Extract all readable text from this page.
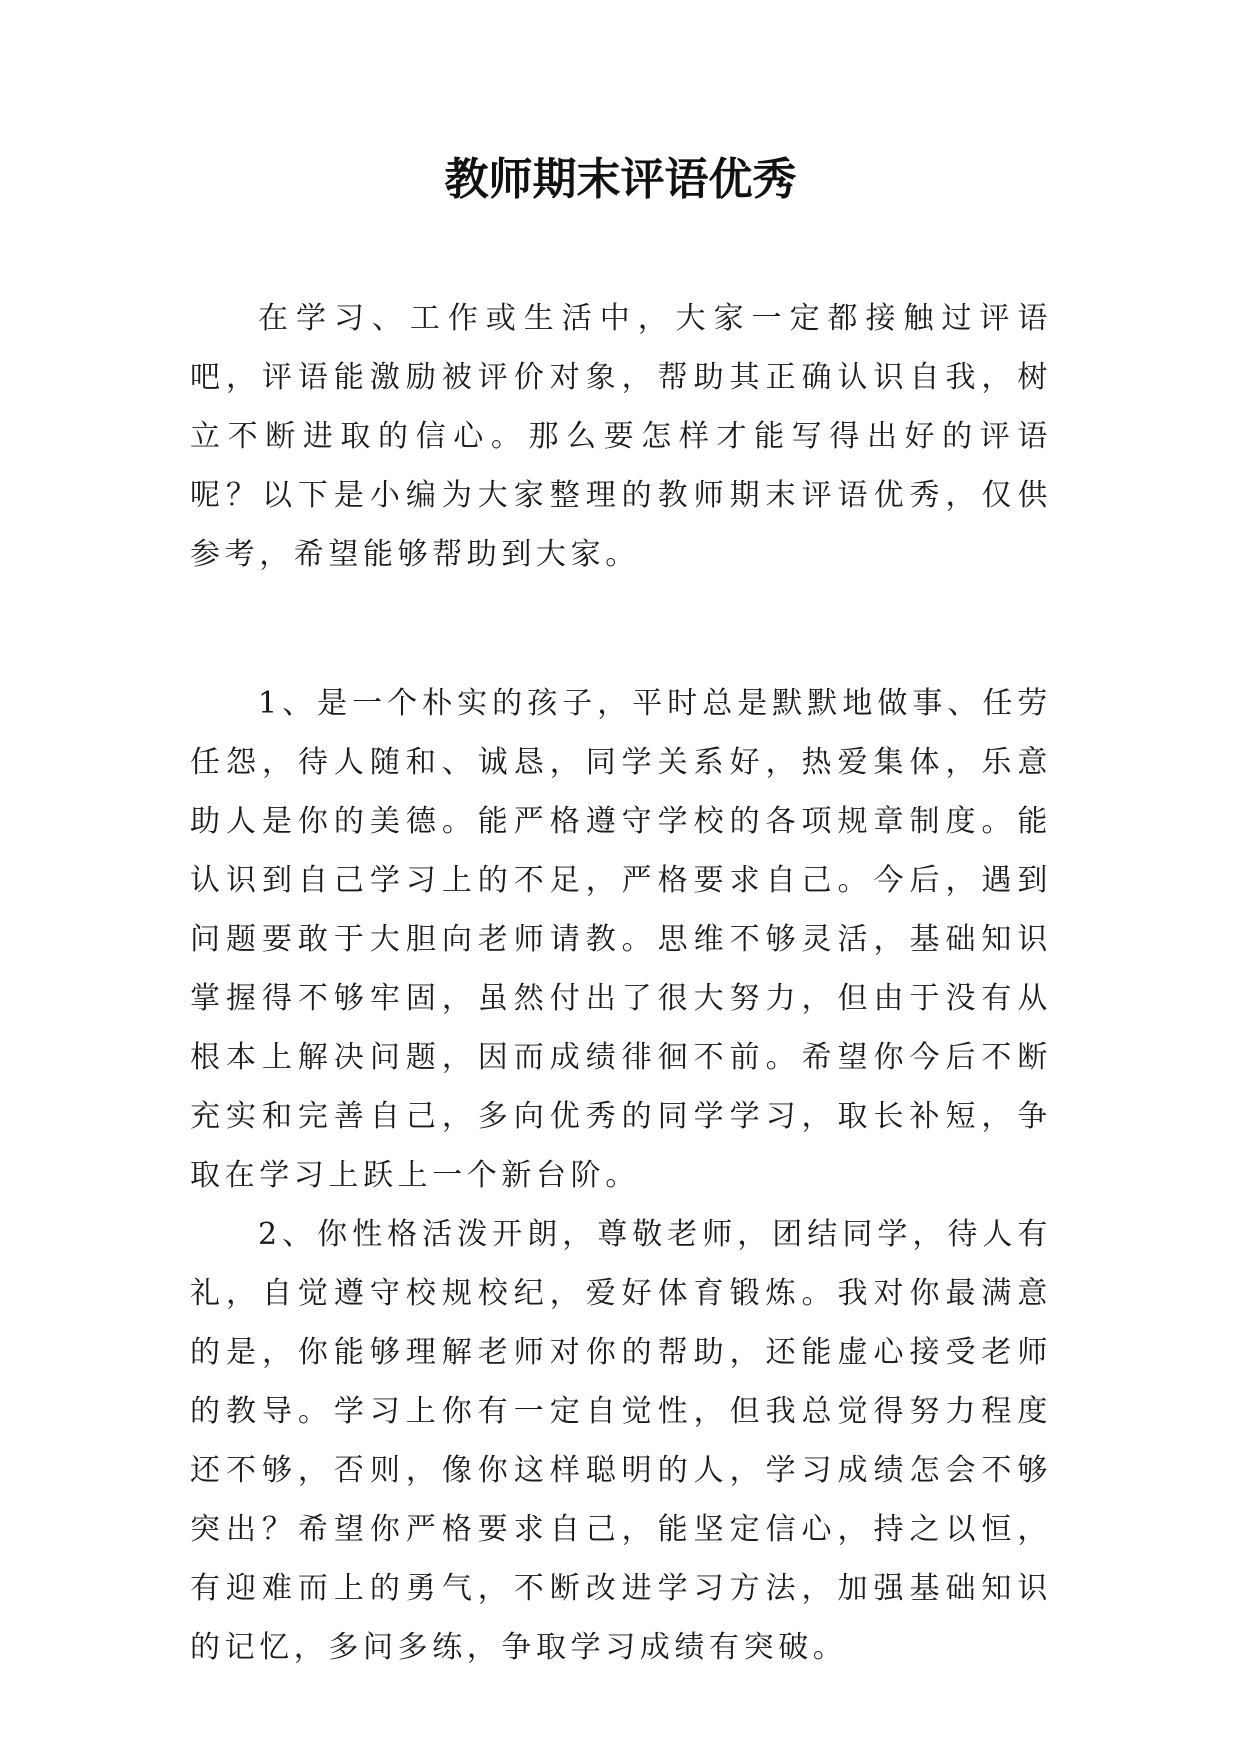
教师期末评语优秀

在学习、工作或生活中，大家一定都接触过评语吧，评语能激励被评价对象，帮助其正确认识自我，树立不断进取的信心。那么要怎样才能写得出好的评语呢？以下是小编为大家整理的教师期末评语优秀，仅供参考，希望能够帮助到大家。

1、是一个朴实的孩子，平时总是默默地做事、任劳任怨，待人随和、诚恳，同学关系好，热爱集体，乐意助人是你的美德。能严格遵守学校的各项规章制度。能认识到自己学习上的不足，严格要求自己。今后，遇到问题要敢于大胆向老师请教。思维不够灵活，基础知识掌握得不够牢固，虽然付出了很大努力，但由于没有从根本上解决问题，因而成绩徘徊不前。希望你今后不断充实和完善自己，多向优秀的同学学习，取长补短，争取在学习上跃上一个新台阶。

2、你性格活泼开朗，尊敬老师，团结同学，待人有礼，自觉遵守校规校纪，爱好体育锻炼。我对你最满意的是，你能够理解老师对你的帮助，还能虚心接受老师的教导。学习上你有一定自觉性，但我总觉得努力程度还不够，否则，像你这样聪明的人，学习成绩怎会不够突出？希望你严格要求自己，能坚定信心，持之以恒，有迎难而上的勇气，不断改进学习方法，加强基础知识的记忆，多问多练，争取学习成绩有突破。
